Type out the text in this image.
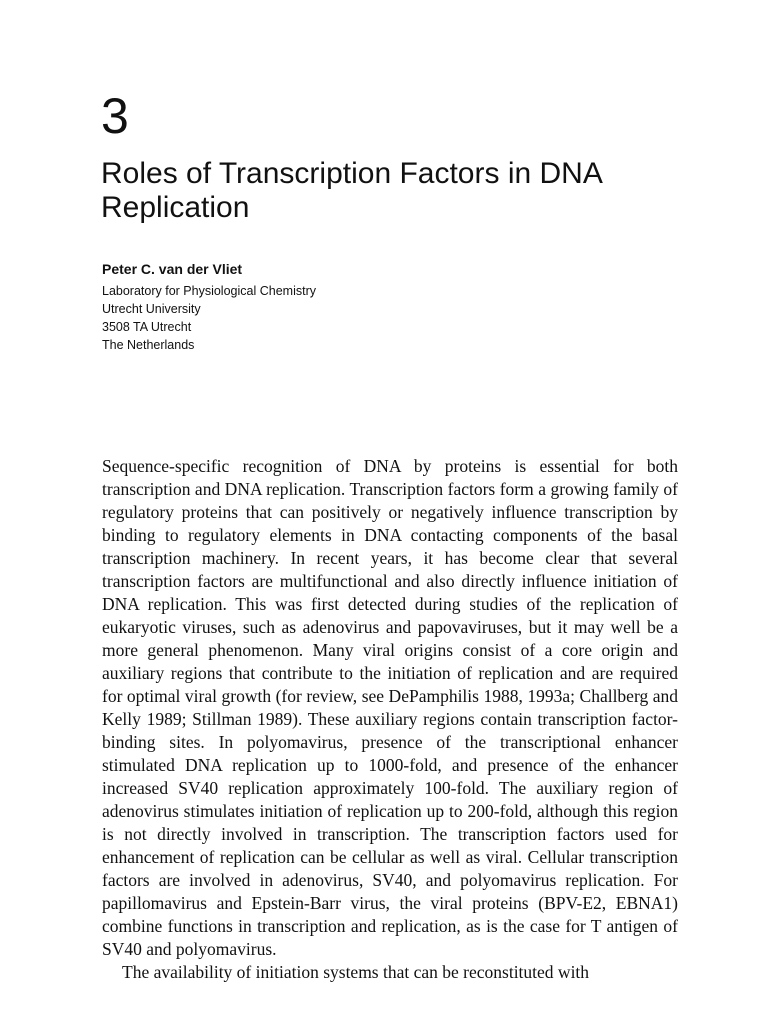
3
Roles of Transcription Factors in DNA Replication
Peter C. van der Vliet
Laboratory for Physiological Chemistry
Utrecht University
3508 TA Utrecht
The Netherlands

Sequence-specific recognition of DNA by proteins is essential for both transcription and DNA replication. Transcription factors form a growing family of regulatory proteins that can positively or negatively influence transcription by binding to regulatory elements in DNA contacting components of the basal transcription machinery. In recent years, it has become clear that several transcription factors are multifunctional and also directly influence initiation of DNA replication. This was first detected during studies of the replication of eukaryotic viruses, such as adenovirus and papovaviruses, but it may well be a more general phenomenon. Many viral origins consist of a core origin and auxiliary regions that contribute to the initiation of replication and are required for optimal viral growth (for review, see DePamphilis 1988, 1993a; Challberg and Kelly 1989; Stillman 1989). These auxiliary regions contain transcription factor-binding sites. In polyomavirus, presence of the transcriptional enhancer stimulated DNA replication up to 1000-fold, and presence of the enhancer increased SV40 replication approximately 100-fold. The auxiliary region of adenovirus stimulates initiation of replication up to 200-fold, although this region is not directly involved in transcription. The transcription factors used for enhancement of replication can be cellular as well as viral. Cellular transcription factors are involved in adenovirus, SV40, and polyomavirus replication. For papillomavirus and Epstein-Barr virus, the viral proteins (BPV-E2, EBNA1) combine functions in transcription and replication, as is the case for T antigen of SV40 and polyomavirus.

The availability of initiation systems that can be reconstituted with
